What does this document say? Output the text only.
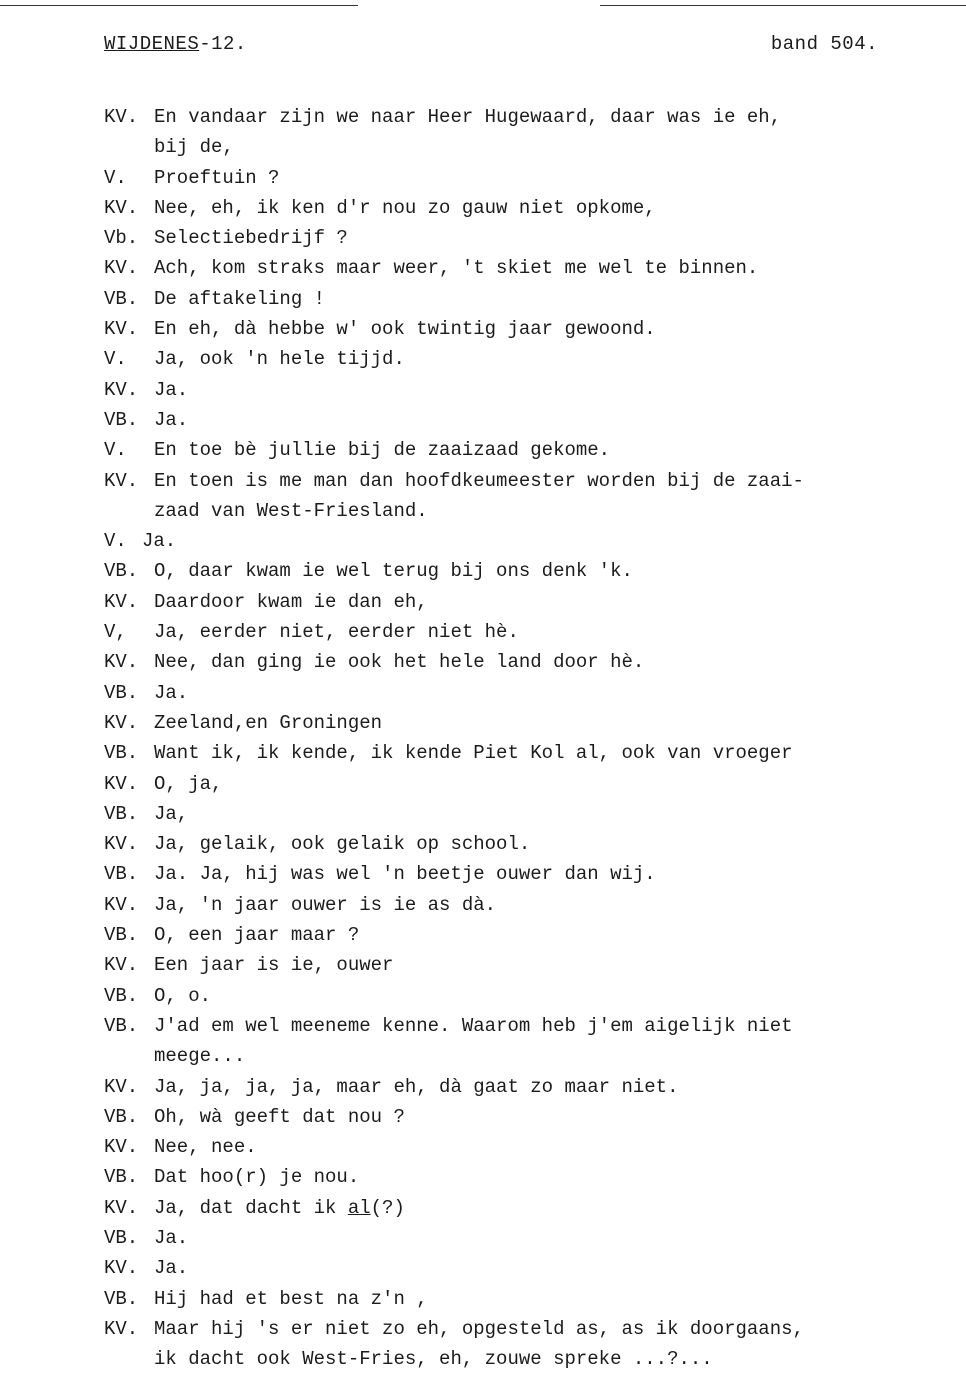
WIJDENES-12.	band 504.
KV. En vandaar zijn we naar Heer Hugewaard, daar was ie eh,
bij de,
V. Proeftuin ?
KV. Nee, eh, ik ken d'r nou zo gauw niet opkome,
Vb. Selectiebedrijf ?
KV. Ach, kom straks maar weer, 't skiet me wel te binnen.
VB. De aftakeling !
KV. En eh, dà hebbe w' ook twintig jaar gewoond.
V. Ja, ook 'n hele tijjd.
KV. Ja.
VB. Ja.
V. En toe bè jullie bij de zaaizaad gekome.
KV. En toen is me man dan hoofdkeumeester worden bij de zaai-
zaad van West-Friesland.
V. Ja.
VB. O, daar kwam ie wel terug bij ons denk 'k.
KV. Daardoor kwam ie dan eh,
V, Ja, eerder niet, eerder niet hè.
KV. Nee, dan ging ie ook het hele land door hè.
VB. Ja.
KV. Zeeland,en Groningen
VB. Want ik, ik kende, ik kende Piet Kol al, ook van vroeger
KV. O, ja,
VB. Ja,
KV. Ja, gelaik, ook gelaik op school.
VB. Ja. Ja, hij was wel 'n beetje ouwer dan wij.
KV. Ja, 'n jaar ouwer is ie as dà.
VB. O, een jaar maar ?
KV. Een jaar is ie, ouwer
VB. O, o.
VB. J'ad em wel meeneme kenne. Waarom heb j'em aigelijk niet
meege...
KV. Ja, ja, ja, ja, maar eh, dà gaat zo maar niet.
VB. Oh, wà geeft dat nou ?
KV. Nee, nee.
VB. Dat hoo(r) je nou.
KV. Ja, dat dacht ik al(?)
VB. Ja.
KV. Ja.
VB. Hij had et best na z'n ,
KV. Maar hij 's er niet zo eh, opgesteld as, as ik doorgaans,
ik dacht ook West-Fries, eh, zouwe spreke ...?...
